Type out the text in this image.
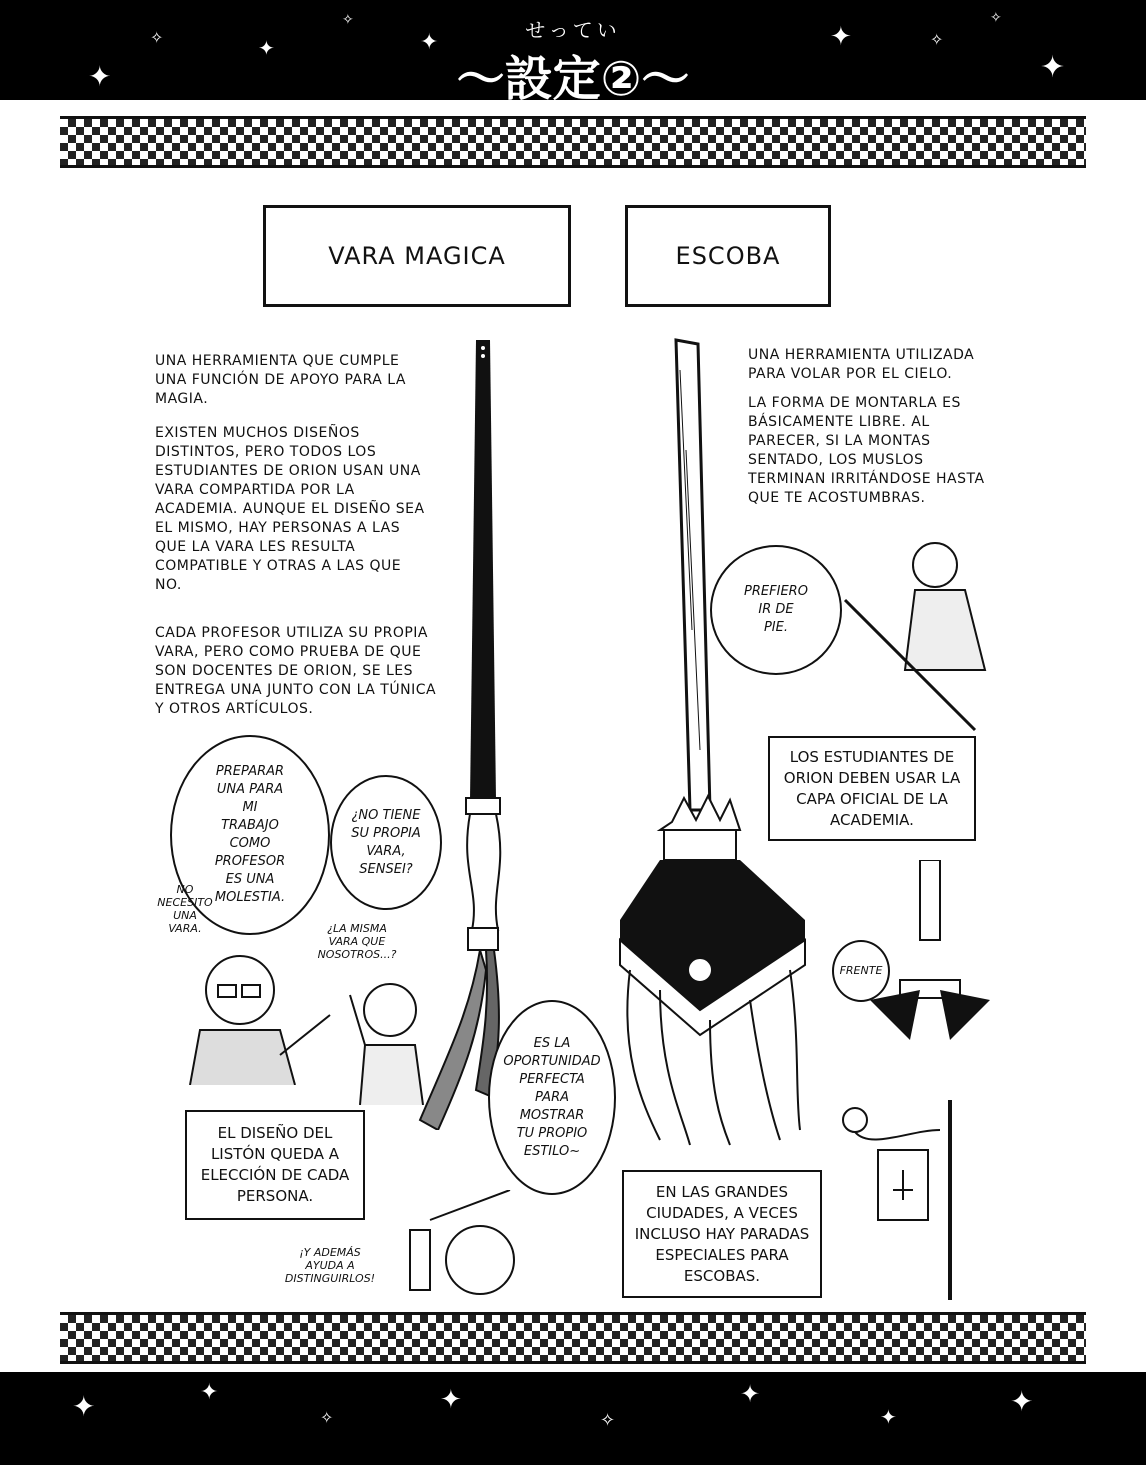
せってい
〜設定②〜
✦
✧	✦
✧
✦	✦	✧
✦
✧
VARA MAGICA	ESCOBA
UNA HERRAMIENTA QUE CUMPLE
UNA FUNCIÓN DE APOYO PARA LA
MAGIA.
EXISTEN MUCHOS DISEÑOS
DISTINTOS, PERO TODOS LOS
ESTUDIANTES DE ORION USAN UNA
VARA COMPARTIDA POR LA
ACADEMIA. AUNQUE EL DISEÑO SEA
EL MISMO, HAY PERSONAS A LAS
QUE LA VARA LES RESULTA
COMPATIBLE Y OTRAS A LAS QUE
NO.
CADA PROFESOR UTILIZA SU PROPIA
VARA, PERO COMO PRUEBA DE QUE
SON DOCENTES DE ORION, SE LES
ENTREGA UNA JUNTO CON LA TÚNICA
Y OTROS ARTÍCULOS.
UNA HERRAMIENTA UTILIZADA
PARA VOLAR POR EL CIELO.
LA FORMA DE MONTARLA ES
BÁSICAMENTE LIBRE. AL
PARECER, SI LA MONTAS
SENTADO, LOS MUSLOS
TERMINAN IRRITÁNDOSE HASTA
QUE TE ACOSTUMBRAS.
PREPARAR
UNA PARA
MI
TRABAJO
COMO
PROFESOR
ES UNA
MOLESTIA.
¿NO TIENE
SU PROPIA
VARA,
SENSEI?
PREFIERO
IR DE
PIE.
ES LA
OPORTUNIDAD
PERFECTA
PARA
MOSTRAR
TU PROPIO
ESTILO~
FRENTE
NO
NECESITO
UNA
VARA.	¿LA MISMA
VARA QUE
NOSOTROS...?
¡Y ADEMÁS
AYUDA A
DISTINGUIRLOS!
LOS ESTUDIANTES DE
ORION DEBEN USAR LA
CAPA OFICIAL DE LA
ACADEMIA.
EL DISEÑO DEL
LISTÓN QUEDA A
ELECCIÓN DE CADA
PERSONA.	EN LAS GRANDES
CIUDADES, A VECES
INCLUSO HAY PARADAS
ESPECIALES PARA
ESCOBAS.
✦	✦
✧
✦
✧
✦
✦	✦
